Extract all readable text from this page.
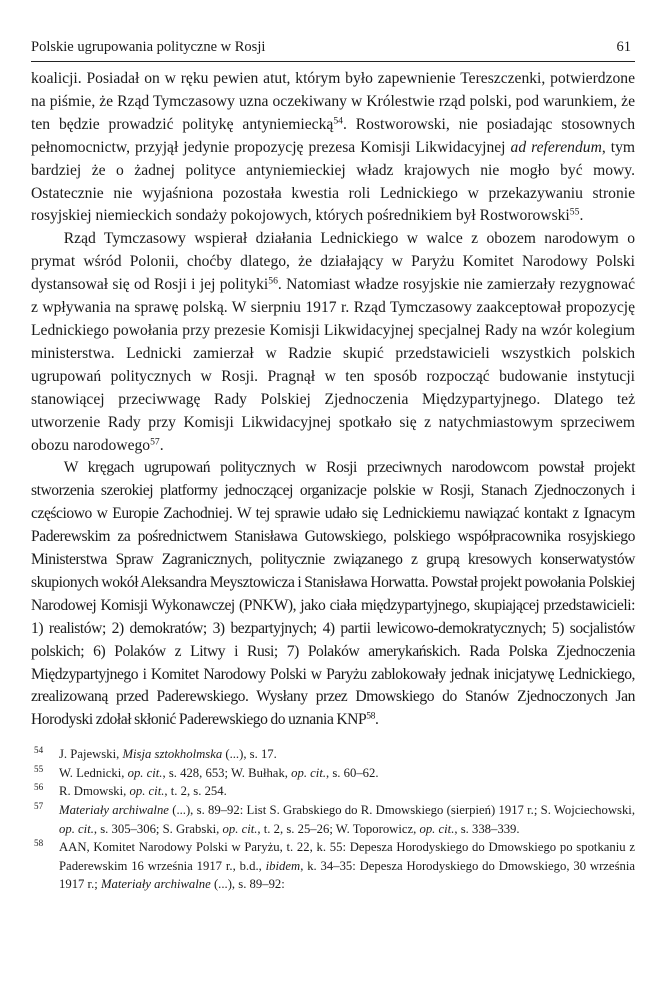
Polskie ugrupowania polityczne w Rosji	61

koalicji. Posiadał on w ręku pewien atut, którym było zapewnienie Tereszczenki, potwierdzone na piśmie, że Rząd Tymczasowy uzna oczekiwany w Królestwie rząd polski, pod warunkiem, że ten będzie prowadzić politykę antyniemiecką$^{54}$. Rostworowski, nie posiadając stosownych pełnomocnictw, przyjął jedynie propozycję prezesa Komisji Likwidacyjnej ad referendum, tym bardziej że o żadnej polityce antyniemieckiej władz krajowych nie mogło być mowy. Ostatecznie nie wyjaśniona pozostała kwestia roli Lednickiego w przekazywaniu stronie rosyjskiej niemieckich sondaży pokojowych, których pośrednikiem był Rostworowski$^{55}$.

Rząd Tymczasowy wspierał działania Lednickiego w walce z obozem narodowym o prymat wśród Polonii, choćby dlatego, że działający w Paryżu Komitet Narodowy Polski dystansował się od Rosji i jej polityki$^{56}$. Natomiast władze rosyjskie nie zamierzały rezygnować z wpływania na sprawę polską. W sierpniu 1917 r. Rząd Tymczasowy zaakceptował propozycję Lednickiego powołania przy prezesie Komisji Likwidacyjnej specjalnej Rady na wzór kolegium ministerstwa. Lednicki zamierzał w Radzie skupić przedstawicieli wszystkich polskich ugrupowań politycznych w Rosji. Pragnął w ten sposób rozpocząć budowanie instytucji stanowiącej przeciwwagę Rady Polskiej Zjednoczenia Międzypartyjnego. Dlatego też utworzenie Rady przy Komisji Likwidacyjnej spotkało się z natychmiastowym sprzeciwem obozu narodowego$^{57}$.

W kręgach ugrupowań politycznych w Rosji przeciwnych narodowcom powstał projekt stworzenia szerokiej platformy jednoczącej organizacje polskie w Rosji, Stanach Zjednoczonych i częściowo w Europie Zachodniej. W tej sprawie udało się Lednickiemu nawiązać kontakt z Ignacym Paderewskim za pośrednictwem Stanisława Gutowskiego, polskiego współpracownika rosyjskiego Ministerstwa Spraw Zagranicznych, politycznie związanego z grupą kresowych konserwatystów skupionych wokół Aleksandra Meysztowicza i Stanisława Horwatta. Powstał projekt powołania Polskiej Narodowej Komisji Wykonawczej (PNKW), jako ciała międzypartyjnego, skupiającej przedstawicieli: 1) realistów; 2) demokratów; 3) bezpartyjnych; 4) partii lewicowo-demokratycznych; 5) socjalistów polskich; 6) Polaków z Litwy i Rusi; 7) Polaków amerykańskich. Rada Polska Zjednoczenia Międzypartyjnego i Komitet Narodowy Polski w Paryżu zablokowały jednak inicjatywę Lednickiego, zrealizowaną przed Paderewskiego. Wysłany przez Dmowskiego do Stanów Zjednoczonych Jan Horodyski zdołał skłonić Paderewskiego do uznania KNP$^{58}$.

54	J. Pajewski, Misja sztokholmska (...), s. 17.
55	W. Lednicki, op. cit., s. 428, 653; W. Bułhak, op. cit., s. 60–62.
56	R. Dmowski, op. cit., t. 2, s. 254.
57	Materiały archiwalne (...), s. 89–92: List S. Grabskiego do R. Dmowskiego (sierpień) 1917 r.; S. Wojciechowski, op. cit., s. 305–306; S. Grabski, op. cit., t. 2, s. 25–26; W. Toporowicz, op. cit., s. 338–339.
58	AAN, Komitet Narodowy Polski w Paryżu, t. 22, k. 55: Depesza Horodyskiego do Dmowskiego po spotkaniu z Paderewskim 16 września 1917 r., b.d., ibidem, k. 34–35: Depesza Horodyskiego do Dmowskiego, 30 września 1917 r.; Materiały archiwalne (...), s. 89–92:
